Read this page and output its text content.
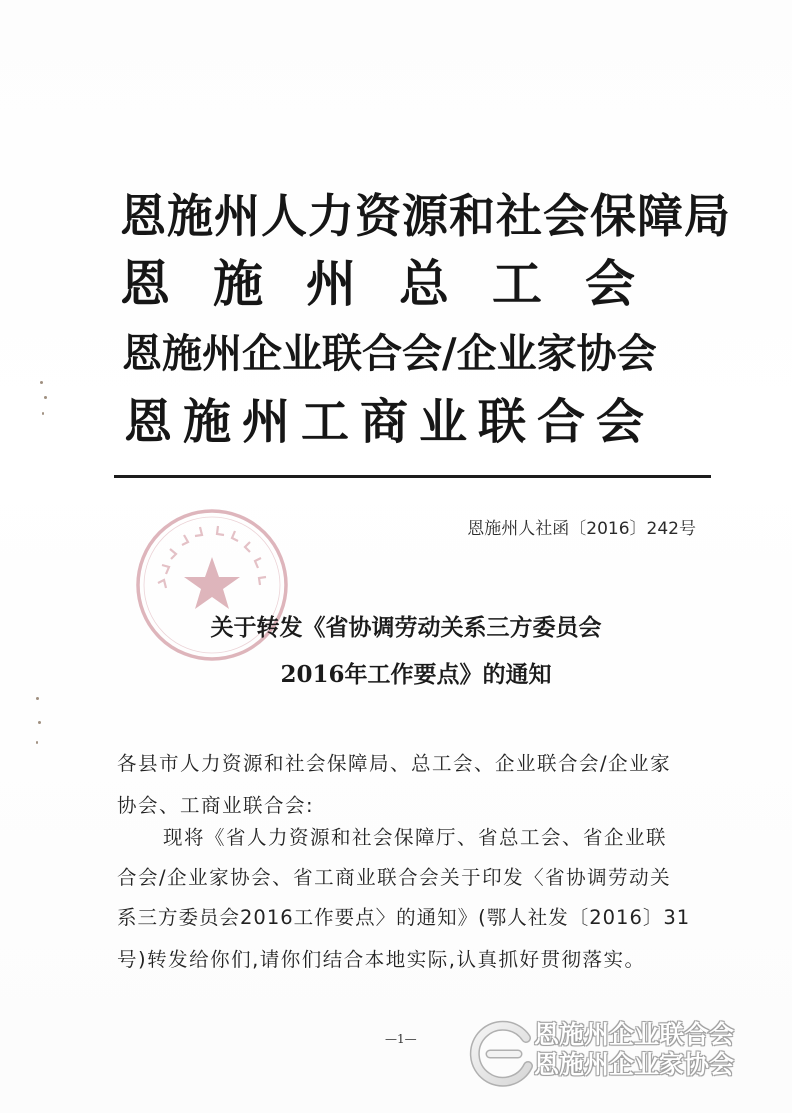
恩施州人力资源和社会保障局
恩施州总工会
恩施州企业联合会/企业家协会
恩施州工商业联合会
恩施州人社函〔2016〕242号
关于转发《省协调劳动关系三方委员会
2016年工作要点》的通知
各县市人力资源和社会保障局、总工会、企业联合会/企业家
协会、工商业联合会:
现将《省人力资源和社会保障厅、省总工会、省企业联
合会/企业家协会、省工商业联合会关于印发〈省协调劳动关
系三方委员会2016工作要点〉的通知》(鄂人社发〔2016〕31
号)转发给你们,请你们结合本地实际,认真抓好贯彻落实。
—1—	恩施州企业联合会
恩施州企业家协会
